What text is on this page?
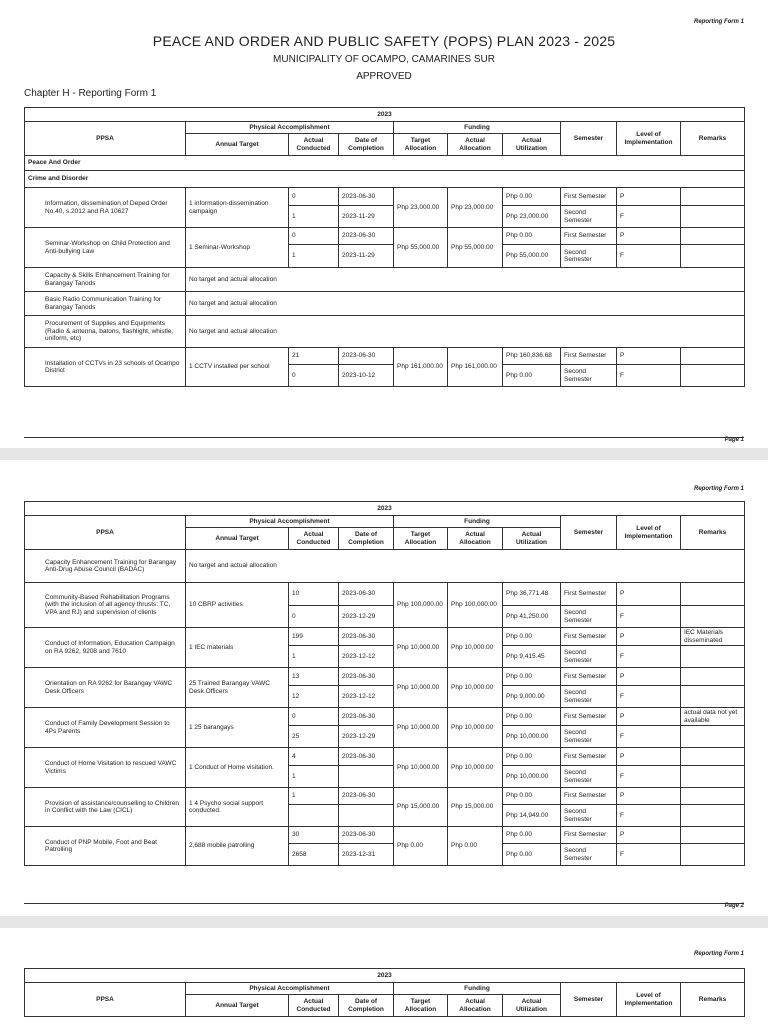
Reporting Form 1
PEACE AND ORDER AND PUBLIC SAFETY (POPS) PLAN 2023 - 2025
MUNICIPALITY OF OCAMPO, CAMARINES SUR
APPROVED
Chapter H - Reporting Form 1
2023									
PPSA	Physical Accomplishment			Funding			Semester	Level of Implementation	Remarks
	Annual Target	Actual Conducted	Date of Completion	Target Allocation	Actual Allocation	Actual Utilization			
Peace And Order									
Crime and Disorder									
Information, dissemination of Deped Order No.40, s.2012 and RA 10627	1 information-dissemination campaign	0	2023-06-30	Php 23,000.00	Php 23,000.00	Php 0.00	First Semester	P	
		1	2023-11-29			Php 23,000.00	Second Semester	F	
Seminar-Workshop on Child Protection and Anti-bullying Law	1 Seminar-Workshop	0	2023-06-30	Php 55,000.00	Php 55,000.00	Php 0.00	First Semester	P	
		1	2023-11-29			Php 55,000.00	Second Semester	F	
Capacity & Skills Enhancement Training for Barangay Tanods	No target and actual allocation								
Basic Radio Communication Training for Barangay Tanods	No target and actual allocation								
Procurement of Supplies and Equipments (Radio & antenna, batons, flashlight, whistle, uniform, etc)	No target and actual allocation								
Installation of CCTVs in 23 schools of Ocampo District	1 CCTV installed per school	21	2023-06-30	Php 161,000.00	Php 161,000.00	Php 160,836.68	First Semester	P	
		0	2023-10-12			Php 0.00	Second Semester	F	
Page 1
Reporting Form 1
2023									
PPSA	Physical Accomplishment			Funding			Semester	Level of Implementation	Remarks
	Annual Target	Actual Conducted	Date of Completion	Target Allocation	Actual Allocation	Actual Utilization			
Capacity Enhancement Training for Barangay Anti-Drug Abuse Council (BADAC)	No target and actual allocation								
Community-Based Rehabilitation Programs (with the inclusion of all agency thrusts: TC, VPA and RJ) and supervision of clients	10 CBRP activities	10	2023-06-30	Php 100,000.00	Php 100,000.00	Php 36,771.48	First Semester	P	
		0	2023-12-29			Php 41,250.00	Second Semester	F	
Conduct of Information, Education Campaign on RA 9262, 9208 and 7610	1 IEC materials	199	2023-06-30	Php 10,000.00	Php 10,000.00	Php 0.00	First Semester	P	IEC Materials disseminated
		1	2023-12-12			Php 9,415.45	Second Semester	F	
Orientation on RA 9262 for Barangay VAWC Desk Officers	25 Trained Barangay VAWC Desk Officers	13	2023-06-30	Php 10,000.00	Php 10,000.00	Php 0.00	First Semester	P	
		12	2023-12-12			Php 9,000.00	Second Semester	F	
Conduct of Family Development Session to 4Ps Parents	1 25 barangays	0	2023-06-30	Php 10,000.00	Php 10,000.00	Php 0.00	First Semester	P	actual data not yet available
		25	2023-12-29			Php 10,000.00	Second Semester	F	
Conduct of Home Visitation to rescued VAWC Victims	1 Conduct of Home visitation.	4	2023-06-30	Php 10,000.00	Php 10,000.00	Php 0.00	First Semester	P	
		1				Php 10,000.00	Second Semester	F	
Provision of assistance/counselling to Children in Conflict with the Law (CICL)	1 4 Psycho social support conducted.	1	2023-06-30	Php 15,000.00	Php 15,000.00	Php 0.00	First Semester	P	
						Php 14,949.00	Second Semester	F	
Conduct of PNP Mobile, Foot and Beat Patrolling	2,688 mobile patrolling	30	2023-06-30	Php 0.00	Php 0.00	Php 0.00	First Semester	P	
		2658	2023-12-31			Php 0.00	Second Semester	F	
Page 2
Reporting Form 1
2023									
PPSA	Physical Accomplishment			Funding			Semester	Level of Implementation	Remarks
	Annual Target	Actual Conducted	Date of Completion	Target Allocation	Actual Allocation	Actual Utilization			
